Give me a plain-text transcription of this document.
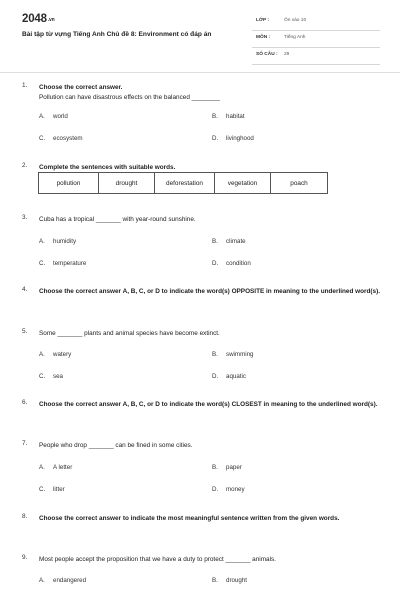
2048.vn
Bài tập từ vựng Tiếng Anh Chủ đề 8: Environment có đáp án
LỚP :	Ôn vào 10
MÔN :	Tiếng Anh
SỐ CÂU : 29
1. Choose the correct answer.
Pollution can have disastrous effects on the balanced ________
A. world	B. habitat
C. ecosystem	D. livinghood
2. Complete the sentences with suitable words.
pollution	drought	deforestation	vegetation	poach
3. Cuba has a tropical _______ with year-round sunshine.
A. humidity	B. climate
C. temperature	D. condition
4. Choose the correct answer A, B, C, or D to indicate the word(s) OPPOSITE in meaning to the underlined word(s).
5. Some _______ plants and animal species have become extinct.
A. watery	B. swimming
C. sea	D. aquatic
6. Choose the correct answer A, B, C, or D to indicate the word(s) CLOSEST in meaning to the underlined word(s).
7. People who drop _______ can be fined in some cities.
A. A letter	B. paper
C. litter	D. money
8. Choose the correct answer to indicate the most meaningful sentence written from the given words.
9. Most people accept the proposition that we have a duty to protect _______ animals.
A. endangered	B. drought
